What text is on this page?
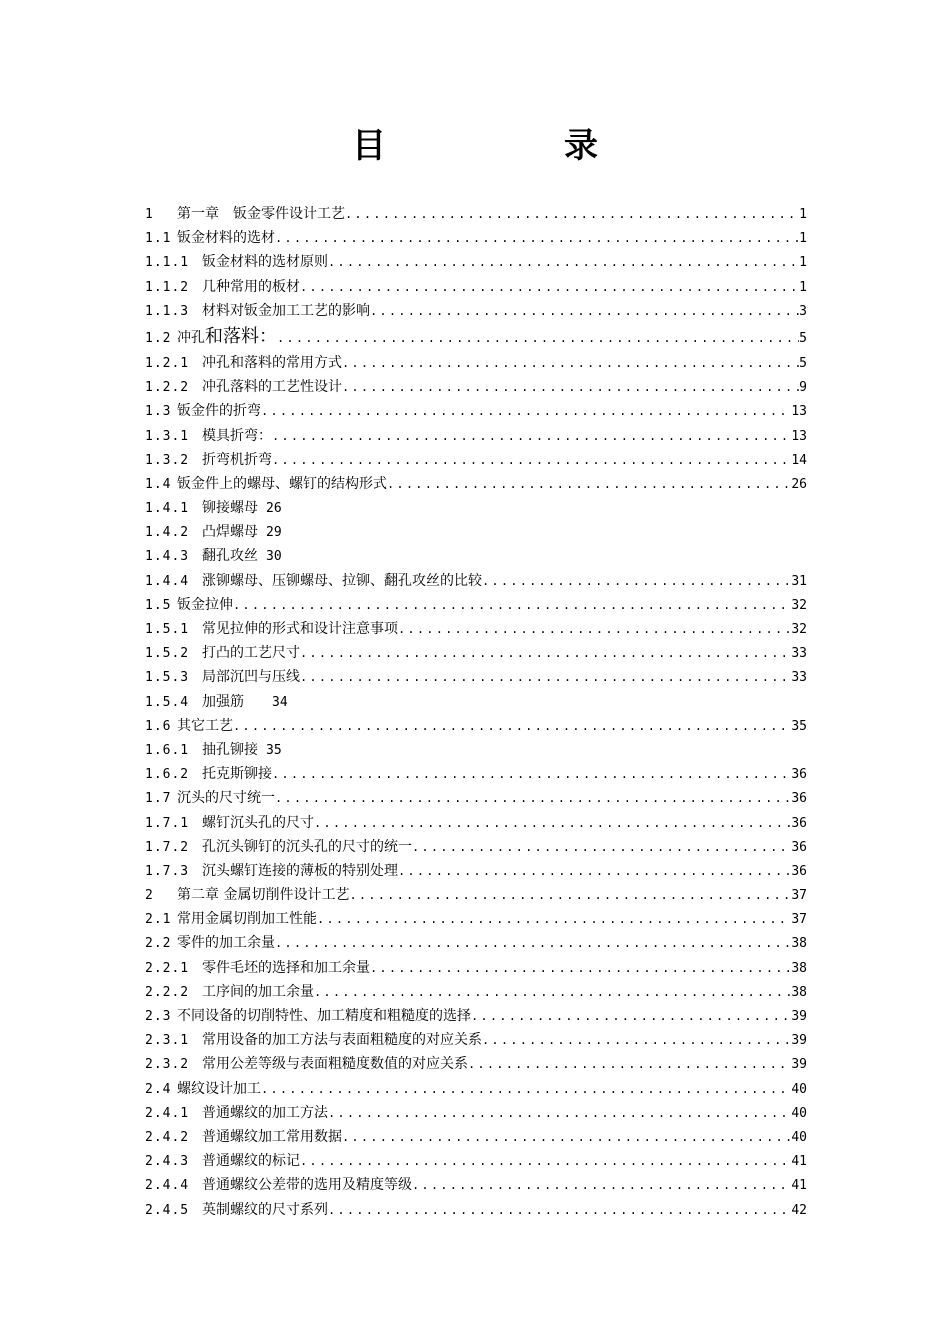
目　录
1	第一章　钣金零件设计工艺 .....	1
1.1 钣金材料的选材 .....	1
1.1.1 钣金材料的选材原则 .....	1
1.1.2 几种常用的板材 .....	1
1.1.3 材料对钣金加工工艺的影响 .....	3
1.2 冲孔和落料： .....	5
1.2.1 冲孔和落料的常用方式 .....	5
1.2.2 冲孔落料的工艺性设计 .....	9
1.3 钣金件的折弯 .....	13
1.3.1 模具折弯： .....	13
1.3.2 折弯机折弯 .....	14
1.4 钣金件上的螺母、螺钉的结构形式 .....	26
1.4.1 铆接螺母 26
1.4.2 凸焊螺母 29
1.4.3 翻孔攻丝 30
1.4.4 涨铆螺母、压铆螺母、拉铆、翻孔攻丝的比较 .....	31
1.5 钣金拉伸 .....	32
1.5.1 常见拉伸的形式和设计注意事项 .....	32
1.5.2 打凸的工艺尺寸 .....	33
1.5.3 局部沉凹与压线 .....	33
1.5.4 加强筋 34
1.6 其它工艺 .....	35
1.6.1 抽孔铆接 35
1.6.2 托克斯铆接 .....	36
1.7 沉头的尺寸统一 .....	36
1.7.1 螺钉沉头孔的尺寸 .....	36
1.7.2 孔沉头铆钉的沉头孔的尺寸的统一 .....	36
1.7.3 沉头螺钉连接的薄板的特别处理 .....	36
2	第二章 金属切削件设计工艺 .....	37
2.1 常用金属切削加工性能 .....	37
2.2 零件的加工余量 .....	38
2.2.1 零件毛坯的选择和加工余量 .....	38
2.2.2 工序间的加工余量 .....	38
2.3 不同设备的切削特性、加工精度和粗糙度的选择 .....	39
2.3.1 常用设备的加工方法与表面粗糙度的对应关系 .....	39
2.3.2 常用公差等级与表面粗糙度数值的对应关系 .....	39
2.4 螺纹设计加工 .....	40
2.4.1 普通螺纹的加工方法 .....	40
2.4.2 普通螺纹加工常用数据 .....	40
2.4.3 普通螺纹的标记 .....	41
2.4.4 普通螺纹公差带的选用及精度等级 .....	41
2.4.5 英制螺纹的尺寸系列 .....	42
